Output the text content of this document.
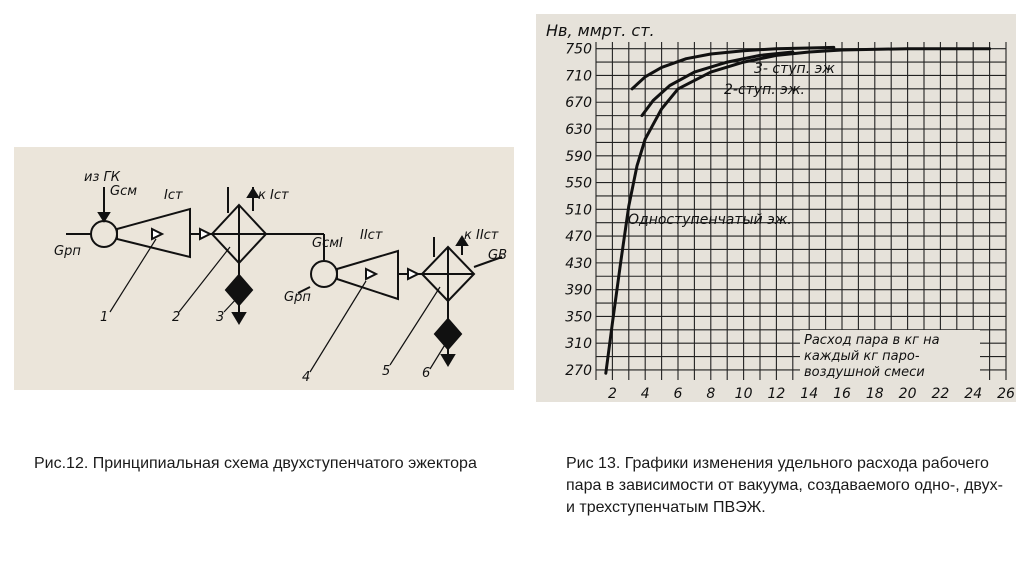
из ГК
Gсм Iст	к Iст
Gрп
GсмI
IIст	к IIст
GВ
Gрп
1	2	3
4	5 6	270
310
350
390
430
470
510
550
590
630
670
710
750
2 4 6 8 10 12 14 16 18 20 22 24 26
Нв, ммрт. ст.
3- ступ. эж
2-ступ. эж.
Одноступенчатый эж.
Расход пара в кг на
каждый кг паро-
воздушной смеси
Рис.12. Принципиальная схема двухступенчатого эжектора	Рис 13. Графики изменения удельного расхода рабочего пара в зависимости от вакуума, создаваемого одно-, двух- и трехступенчатым ПВЭЖ.
